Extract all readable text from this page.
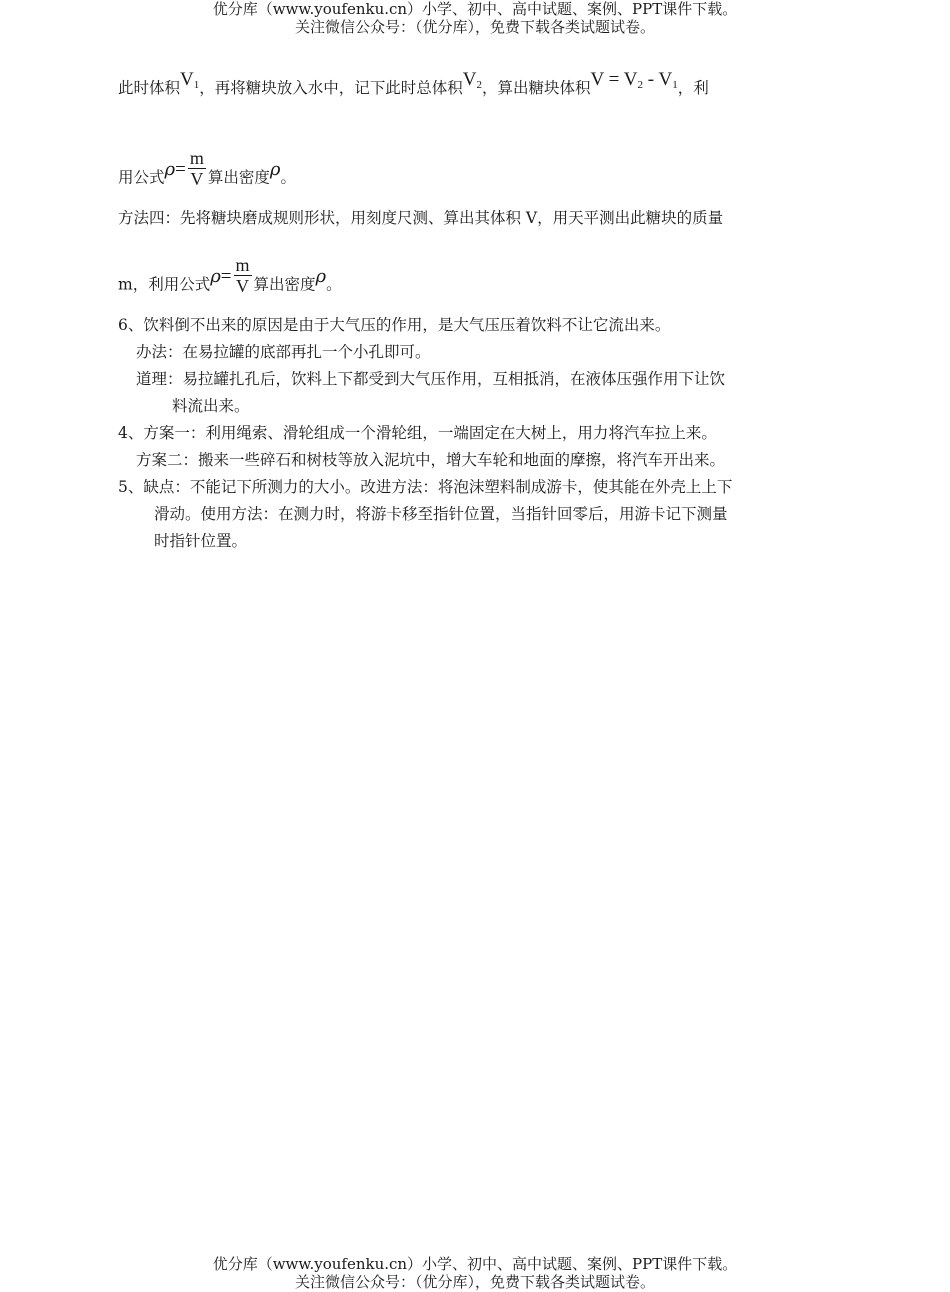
优分库（www.youfenku.cn）小学、初中、高中试题、案例、PPT课件下载。
关注微信公众号：（优分库），免费下载各类试题试卷。
此时体积V1，再将糖块放入水中，记下此时总体积V2，算出糖块体积V = V2 - V1，利
用公式$\rho= \frac{m}{V}$ 算出密度ρ。
方法四：先将糖块磨成规则形状，用刻度尺测、算出其体积 V，用天平测出此糖块的质量
m，利用公式$\rho= \frac{m}{V}$ 算出密度ρ。
6、饮料倒不出来的原因是由于大气压的作用，是大气压压着饮料不让它流出来。
办法：在易拉罐的底部再扎一个小孔即可。
道理：易拉罐扎孔后，饮料上下都受到大气压作用，互相抵消，在液体压强作用下让饮
料流出来。
4、方案一：利用绳索、滑轮组成一个滑轮组，一端固定在大树上，用力将汽车拉上来。
方案二：搬来一些碎石和树枝等放入泥坑中，增大车轮和地面的摩擦，将汽车开出来。
5、缺点：不能记下所测力的大小。改进方法：将泡沫塑料制成游卡，使其能在外壳上上下
滑动。使用方法：在测力时，将游卡移至指针位置，当指针回零后，用游卡记下测量
时指针位置。
优分库（www.youfenku.cn）小学、初中、高中试题、案例、PPT课件下载。
关注微信公众号：（优分库），免费下载各类试题试卷。
